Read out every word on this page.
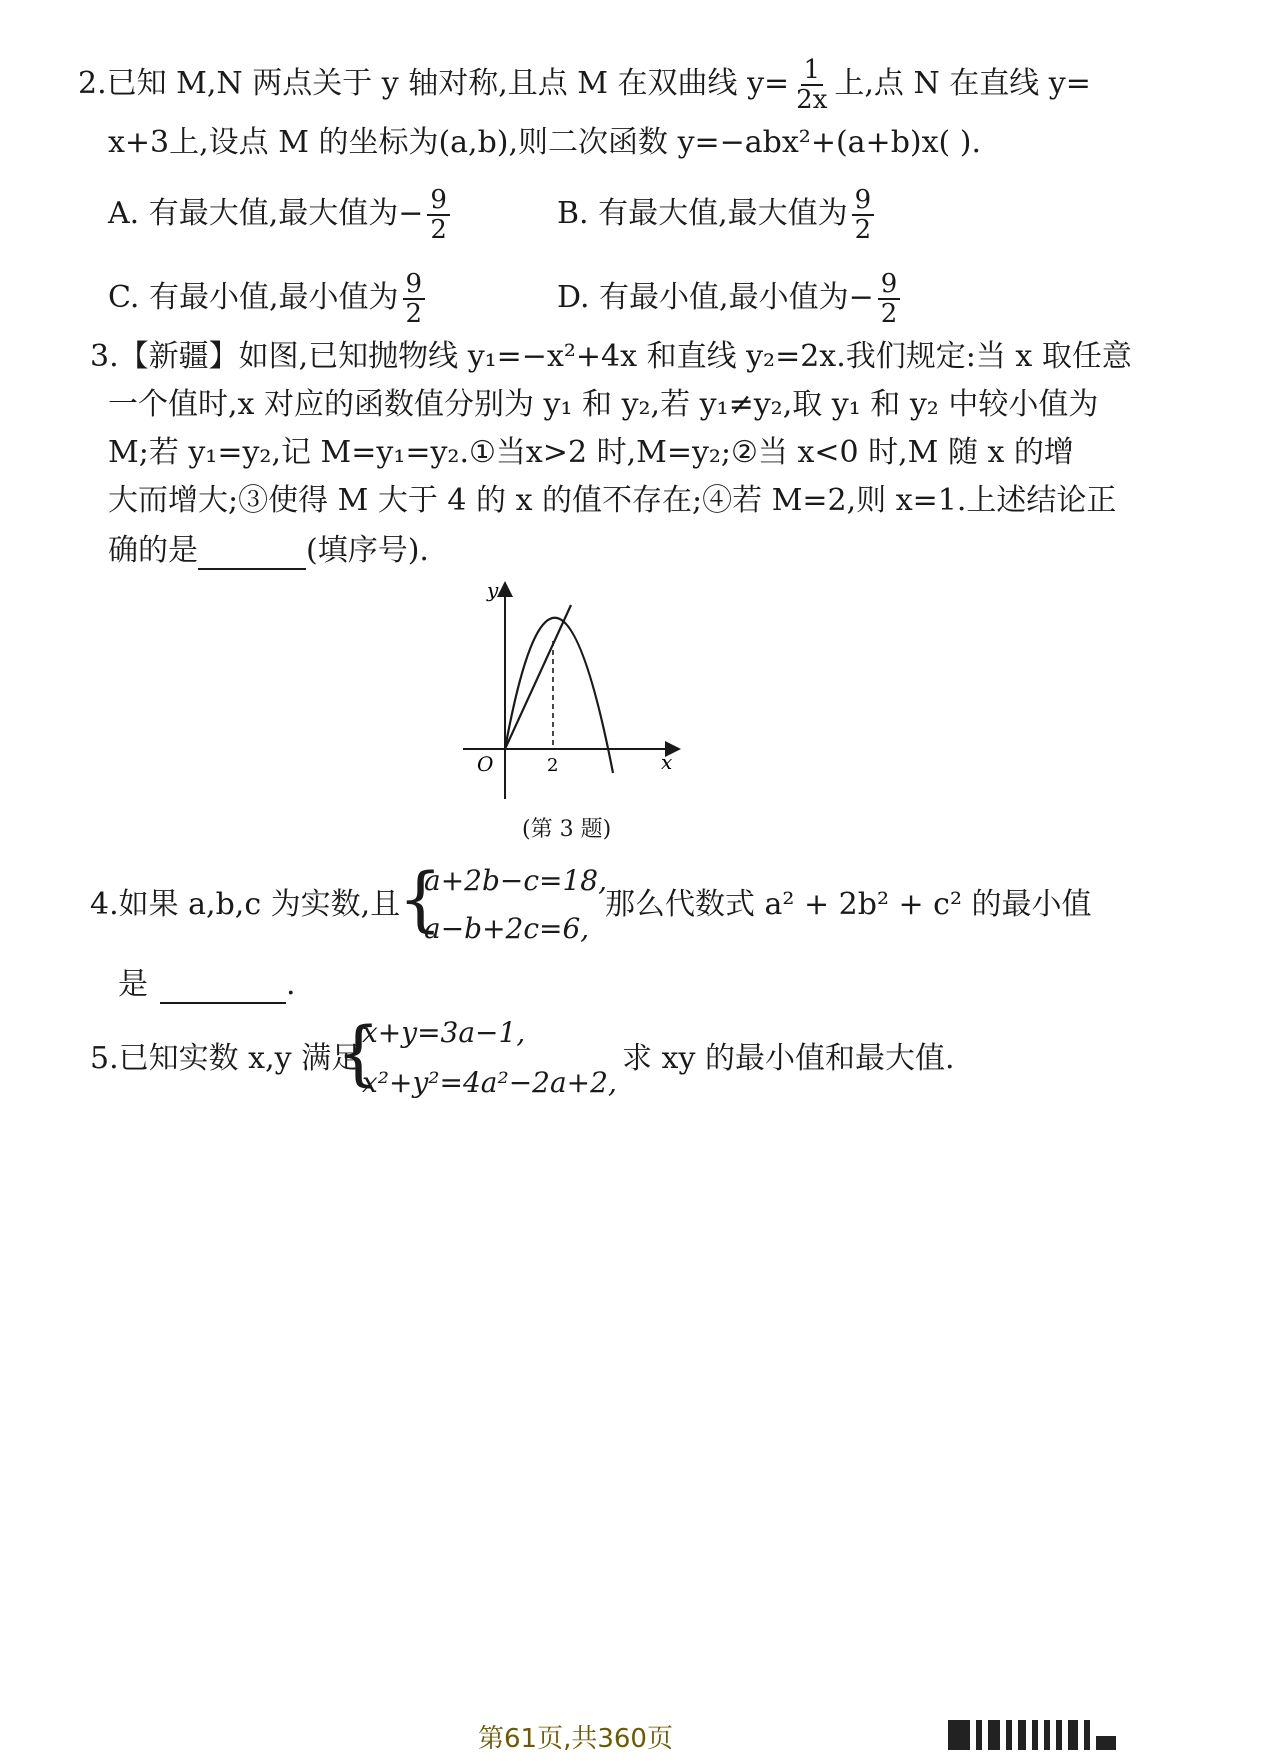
2.已知 M,N 两点关于 y 轴对称,且点 M 在双曲线 $y= \frac{1}{2x}$ 上,点 N 在直线 y=
x+3上,设点 M 的坐标为(a,b),则二次函数 y=−abx²+(a+b)x( ).
A. 有最大值,最大值为− $\frac{9}{2}$	B. 有最大值,最大值为 $\frac{9}{2}$
C. 有最小值,最小值为 $\frac{9}{2}$	D. 有最小值,最小值为− $\frac{9}{2}$
3.【新疆】如图,已知抛物线 y₁=−x²+4x 和直线 y₂=2x.我们规定:当 x 取任意
一个值时,x 对应的函数值分别为 y₁ 和 y₂,若 y₁≠y₂,取 y₁ 和 y₂ 中较小值为
M;若 y₁=y₂,记 M=y₁=y₂.①当x>2 时,M=y₂;②当 x<0 时,M 随 x 的增
大而增大;③使得 M 大于 4 的 x 的值不存在;④若 M=2,则 x=1.上述结论正
确的是	(填序号).
y
x
O	2
(第 3 题)
4.如果 a,b,c 为实数,且
{
a+2b−c=18,
a−b+2c=6,
那么代数式 a² + 2b² + c² 的最小值
是	.
5.已知实数 x,y 满足
{
x+y=3a−1,
x²+y²=4a²−2a+2,
求 xy 的最小值和最大值.
第61页,共360页
